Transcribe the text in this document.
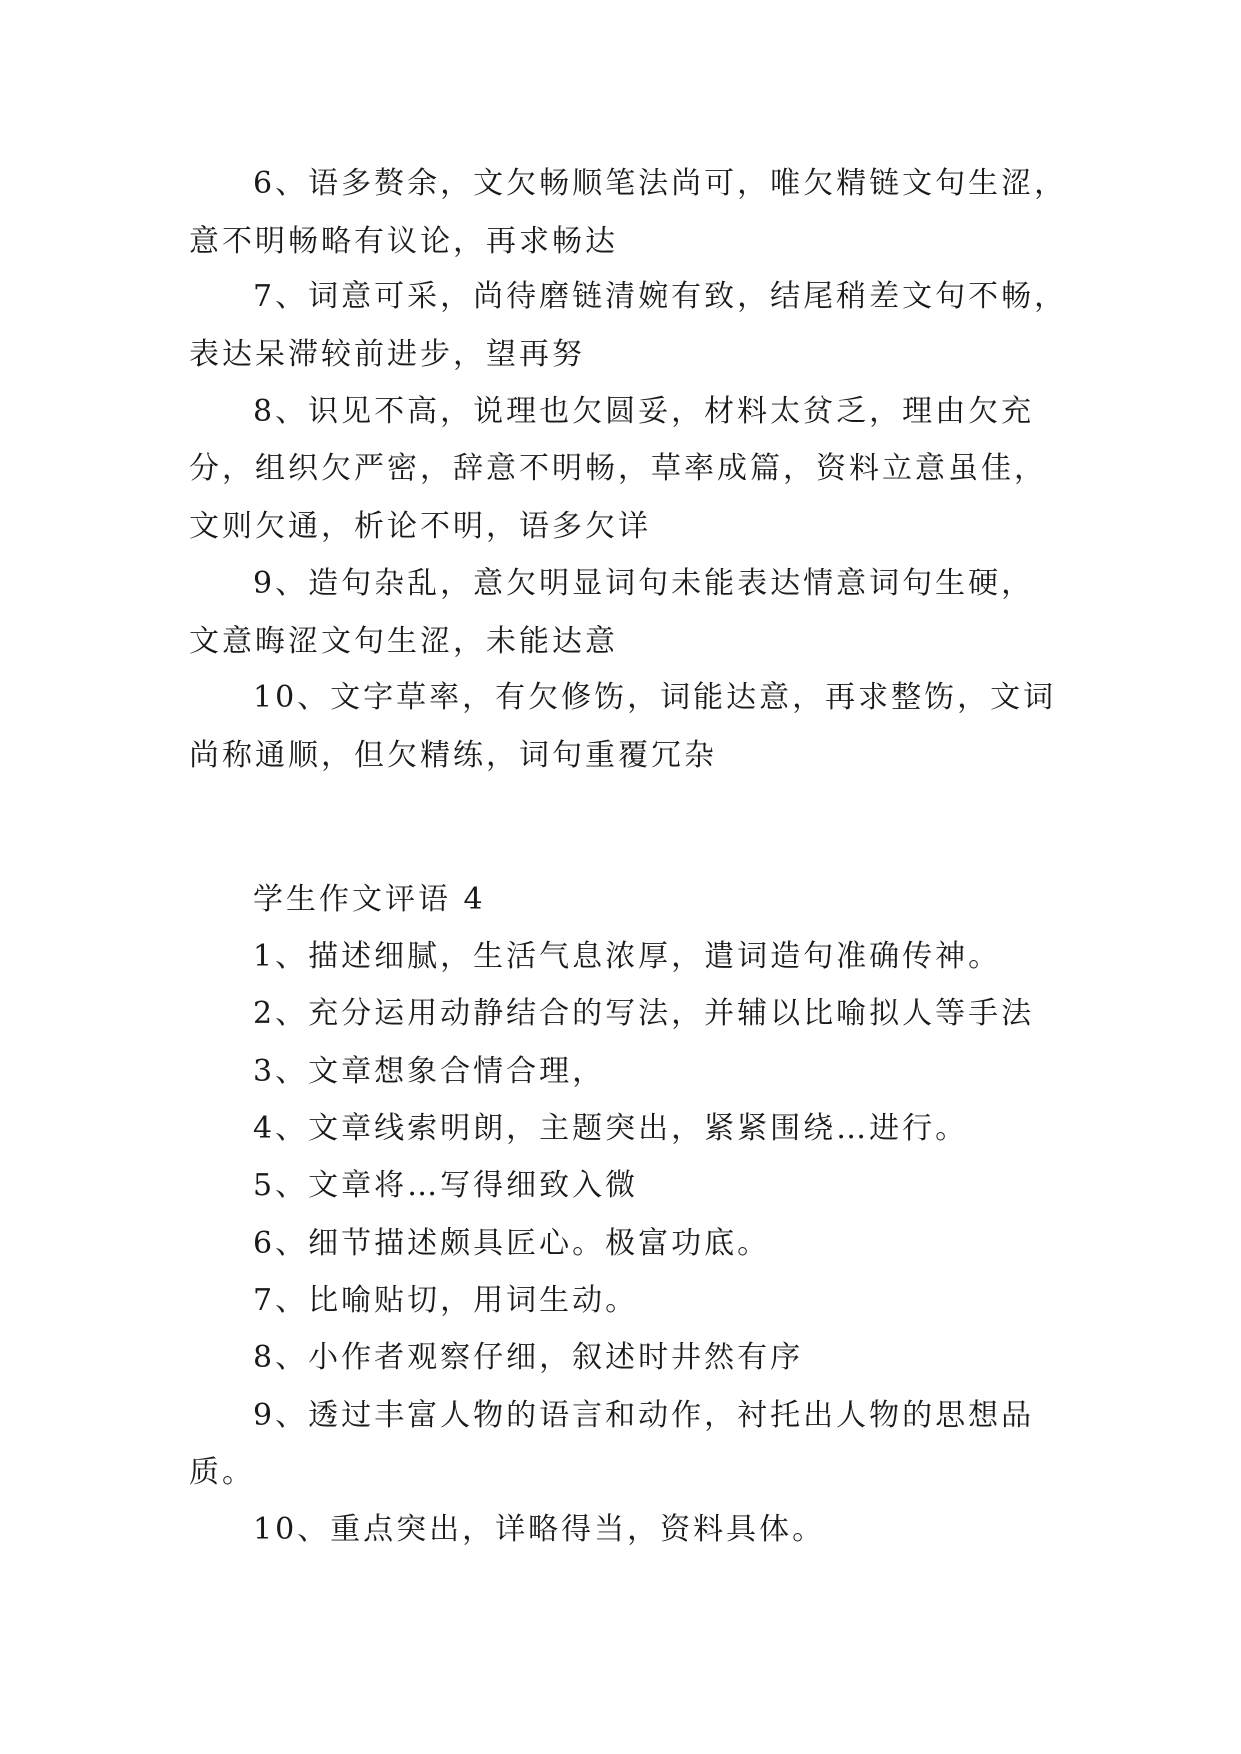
6、语多赘余，文欠畅顺笔法尚可，唯欠精链文句生涩，
意不明畅略有议论，再求畅达
7、词意可采，尚待磨链清婉有致，结尾稍差文句不畅，
表达呆滞较前进步，望再努
8、识见不高，说理也欠圆妥，材料太贫乏，理由欠充
分，组织欠严密，辞意不明畅，草率成篇，资料立意虽佳，
文则欠通，析论不明，语多欠详
9、造句杂乱，意欠明显词句未能表达情意词句生硬，
文意晦涩文句生涩，未能达意
10、文字草率，有欠修饬，词能达意，再求整饬，文词
尚称通顺，但欠精练，词句重覆冗杂
学生作文评语 4
1、描述细腻，生活气息浓厚，遣词造句准确传神。
2、充分运用动静结合的写法，并辅以比喻拟人等手法
3、文章想象合情合理，
4、文章线索明朗，主题突出，紧紧围绕…进行。
5、文章将…写得细致入微
6、细节描述颇具匠心。极富功底。
7、比喻贴切，用词生动。
8、小作者观察仔细，叙述时井然有序
9、透过丰富人物的语言和动作，衬托出人物的思想品
质。
10、重点突出，详略得当，资料具体。
